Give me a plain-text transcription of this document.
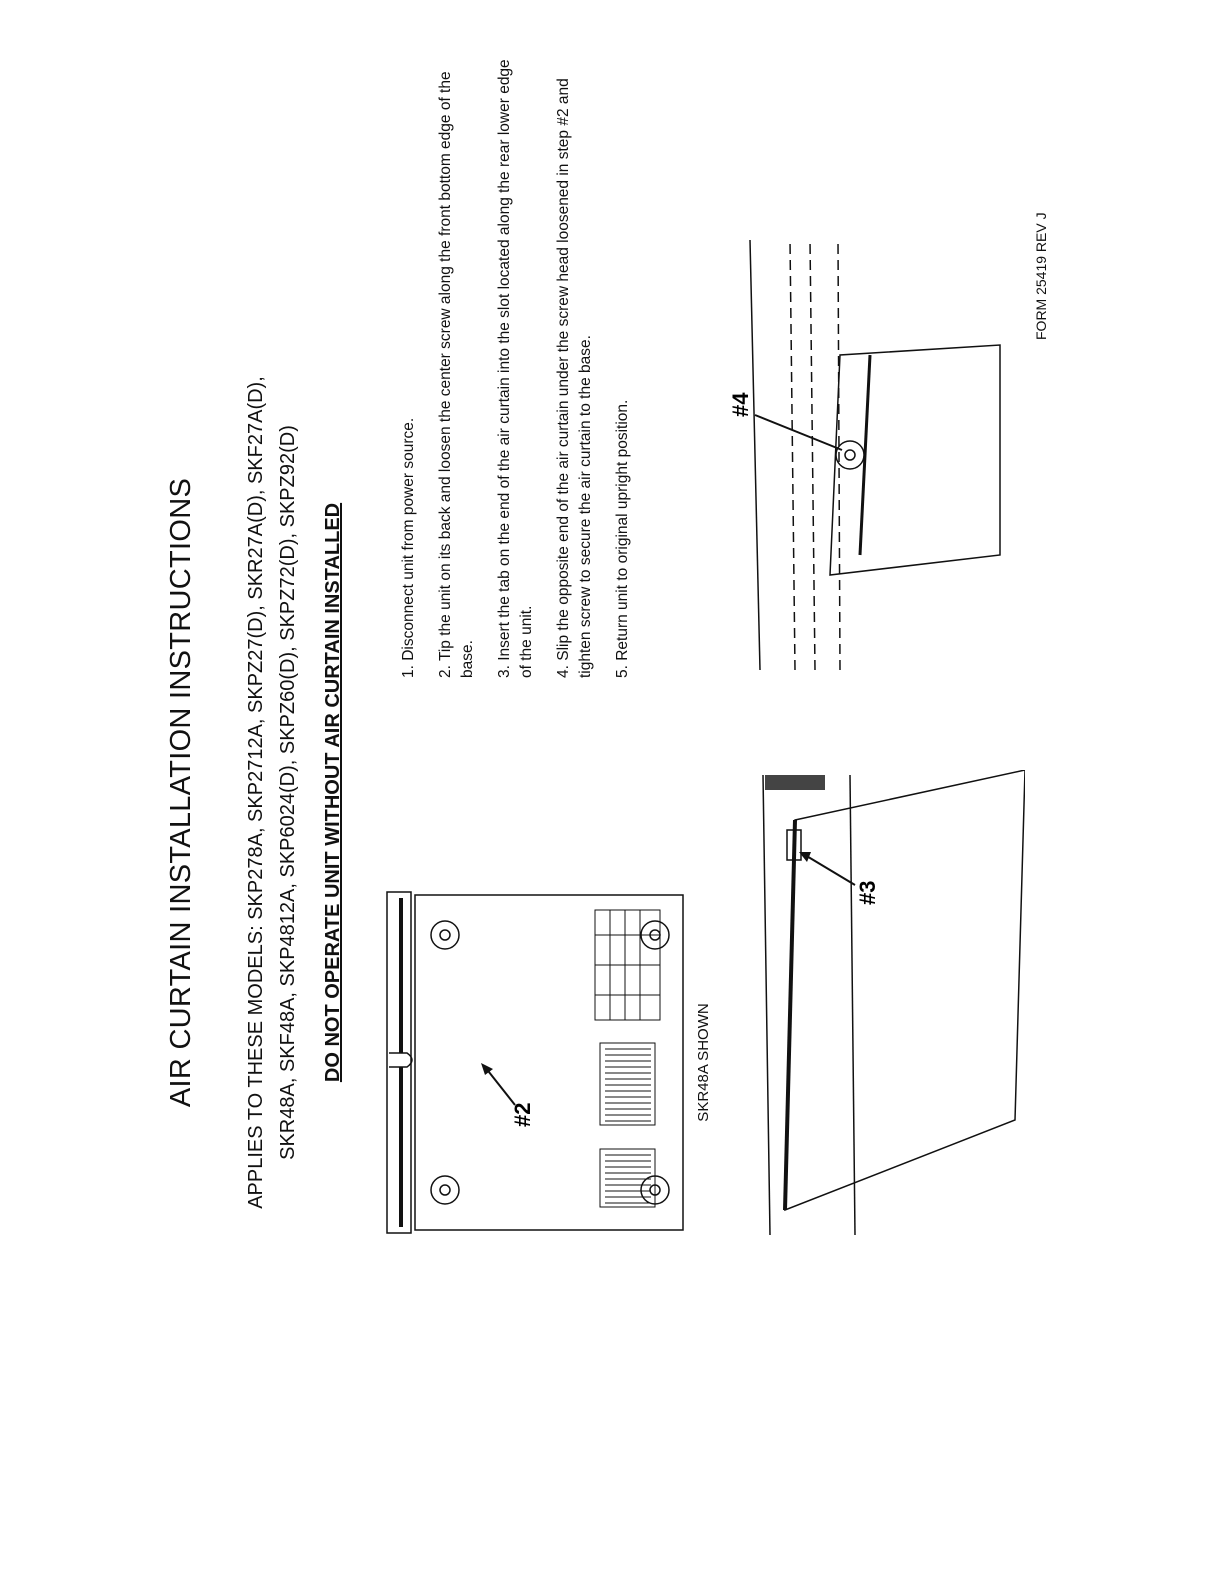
AIR CURTAIN INSTALLATION INSTRUCTIONS APPLIES TO THESE MODELS: SKP278A, SKP2712A, SKPZ27(D), SKR27A(D), SKF27A(D), SKR48A, SKF48A, SKP4812A, SKP6024(D), SKPZ60(D), SKPZ72(D), SKPZ92(D) DO NOT OPERATE UNIT WITHOUT AIR CURTAIN INSTALLED	1. Disconnect unit from power source. 2. Tip the unit on its back and loosen the center screw along the front bottom edge of the base. 3. Insert the tab on the end of the air curtain into the slot located along the rear lower edge of the unit. 4. Slip the opposite end of the air curtain under the screw head loosened in step #2 and tighten screw to secure the air curtain to the base. 5. Return unit to original upright position.
#2	SKR48A SHOWN
#3
#4
FORM 25419 REV J
